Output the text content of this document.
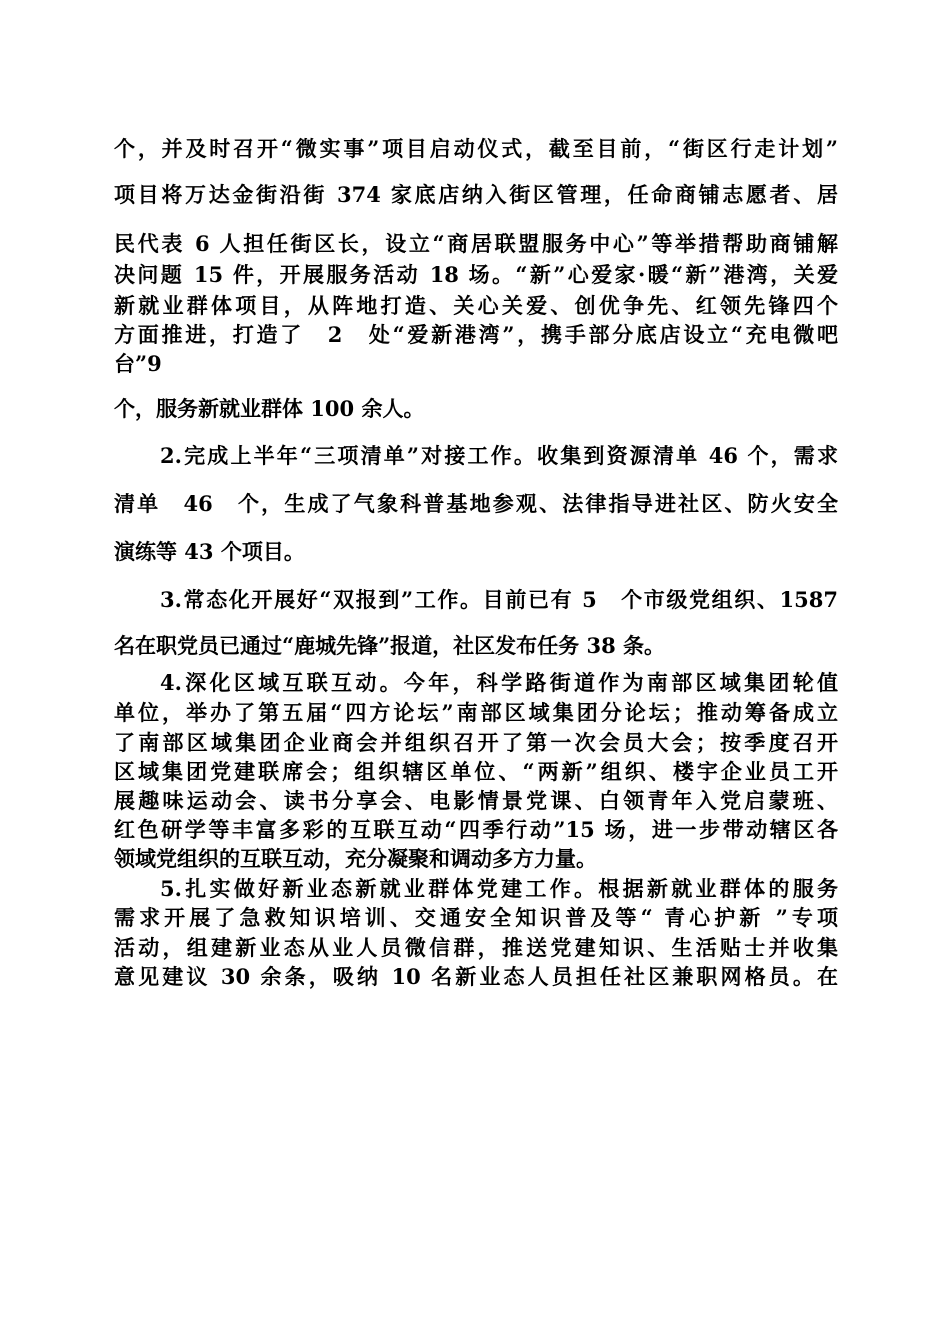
个，并及时召开“微实事”项目启动仪式，截至目前，“街区行走计划”
项目将万达金街沿街 374 家底店纳入街区管理，任命商铺志愿者、居
民代表 6 人担任街区长，设立“商居联盟服务中心”等举措帮助商铺解
决问题 15 件，开展服务活动 18 场。“新”心爱家·暖“新”港湾，关爱
新就业群体项目，从阵地打造、关心关爱、创优争先、红领先锋四个
方面推进，打造了　2　处“爱新港湾”，携手部分底店设立“充电微吧
台”9
个，服务新就业群体 100 余人。
2.完成上半年“三项清单”对接工作。收集到资源清单 46 个，需求
清单　46　个，生成了气象科普基地参观、法律指导进社区、防火安全
演练等 43 个项目。
3.常态化开展好“双报到”工作。目前已有 5　个市级党组织、1587
名在职党员已通过“鹿城先锋”报道，社区发布任务 38 条。
4.深化区域互联互动。今年，科学路街道作为南部区域集团轮值
单位，举办了第五届“四方论坛”南部区域集团分论坛；推动筹备成立
了南部区域集团企业商会并组织召开了第一次会员大会；按季度召开
区域集团党建联席会；组织辖区单位、“两新”组织、楼宇企业员工开
展趣味运动会、读书分享会、电影情景党课、白领青年入党启蒙班、
红色研学等丰富多彩的互联互动“四季行动”15 场，进一步带动辖区各
领域党组织的互联互动，充分凝聚和调动多方力量。
5.扎实做好新业态新就业群体党建工作。根据新就业群体的服务
需求开展了急救知识培训、交通安全知识普及等“ 青心护新 ”专项
活动，组建新业态从业人员微信群，推送党建知识、生活贴士并收集
意见建议 30 余条，吸纳 10 名新业态人员担任社区兼职网格员。在
